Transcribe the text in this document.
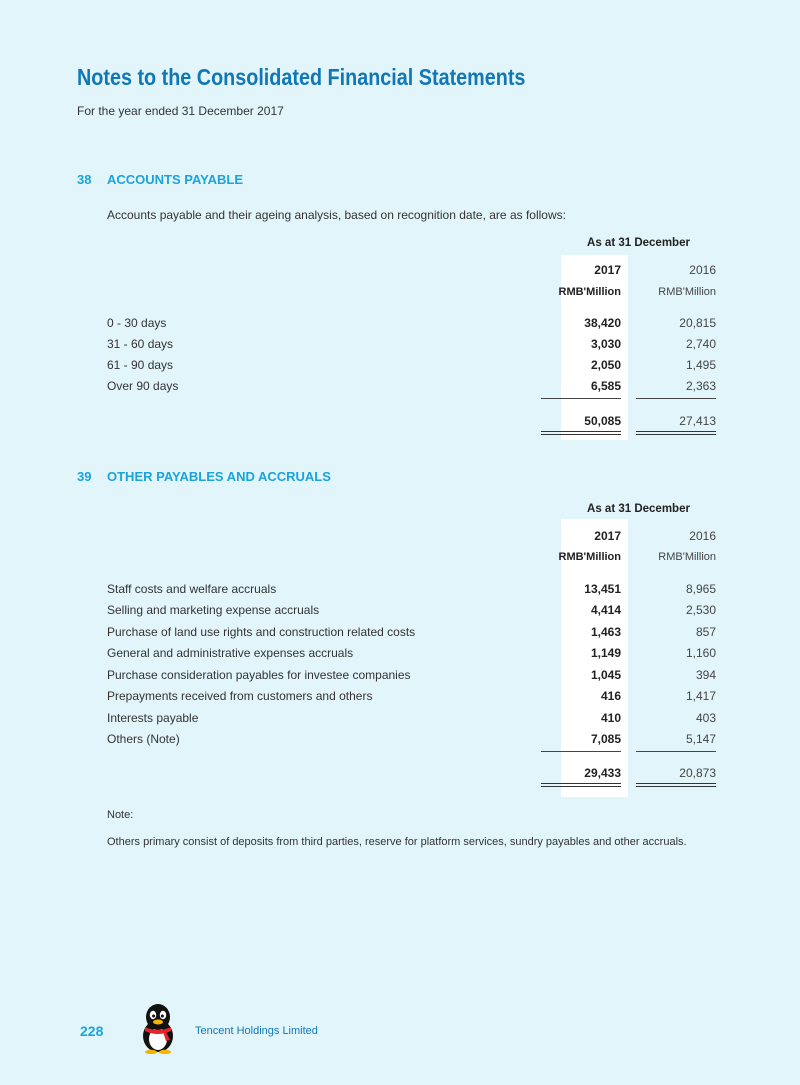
Notes to the Consolidated Financial Statements
For the year ended 31 December 2017
38 ACCOUNTS PAYABLE
Accounts payable and their ageing analysis, based on recognition date, are as follows:
As at 31 December
2017	2016
RMB'Million	RMB'Million
0 - 30 days	38,420	20,815
31 - 60 days	3,030	2,740
61 - 90 days	2,050	1,495
Over 90 days	6,585	2,363
50,085	27,413
39 OTHER PAYABLES AND ACCRUALS
As at 31 December
2017	2016
RMB'Million	RMB'Million
Staff costs and welfare accruals	13,451	8,965
Selling and marketing expense accruals	4,414	2,530
Purchase of land use rights and construction related costs	1,463	857
General and administrative expenses accruals	1,149	1,160
Purchase consideration payables for investee companies	1,045	394
Prepayments received from customers and others	416	1,417
Interests payable	410	403
Others (Note)	7,085	5,147
29,433	20,873
Note:
Others primary consist of deposits from third parties, reserve for platform services, sundry payables and other accruals.
228	Tencent Holdings Limited
